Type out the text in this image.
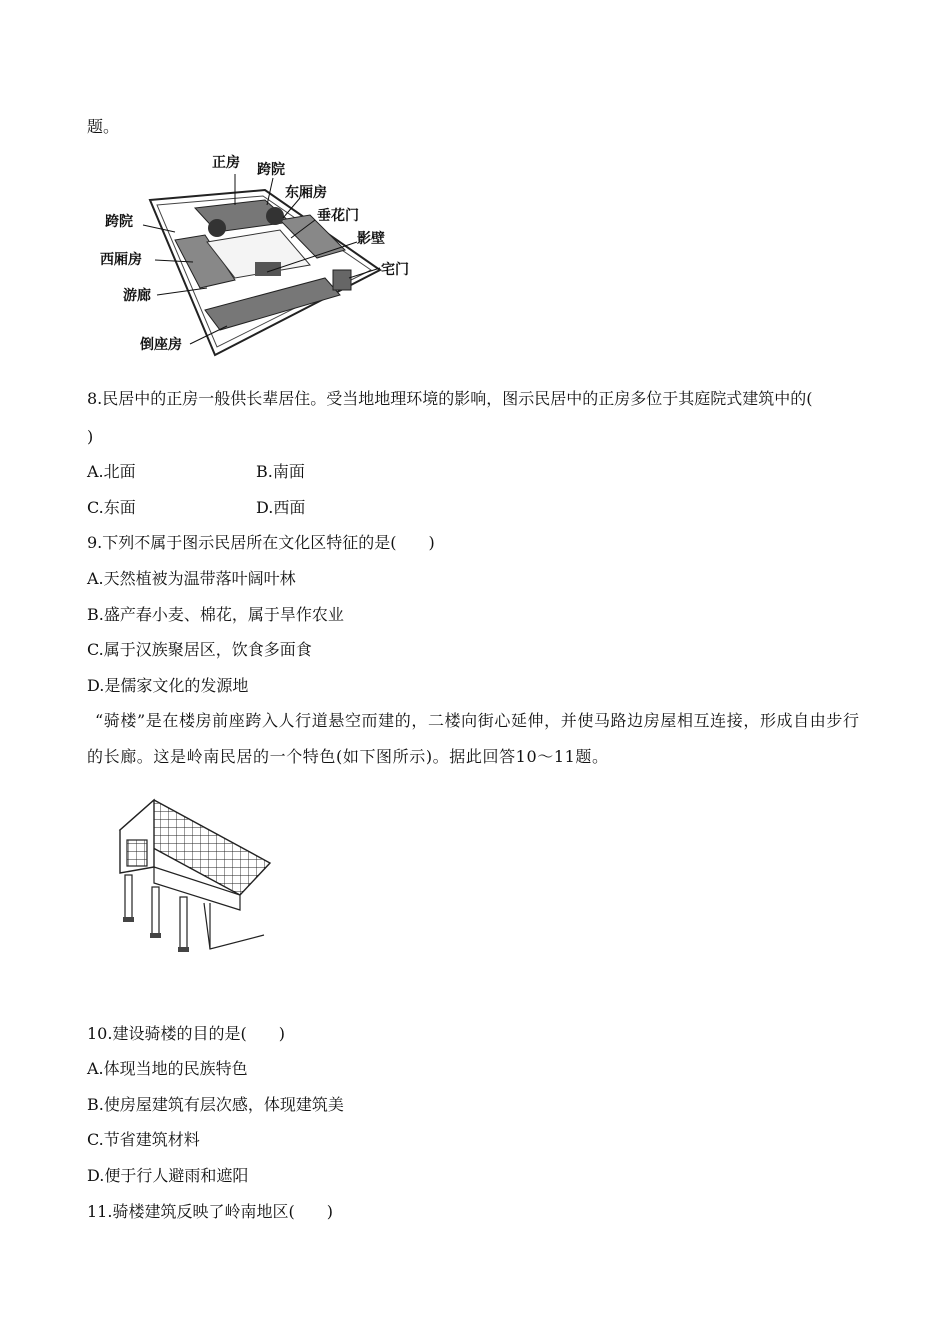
题。
正房 跨院
东厢房
垂花门
跨院
影壁
西厢房
宅门
游廊
倒座房
8.民居中的正房一般供长辈居住。受当地地理环境的影响，图示民居中的正房多位于其庭院式建筑中的(
)
A.北面	B.南面
C.东面	D.西面
9.下列不属于图示民居所在文化区特征的是(　　)
A.天然植被为温带落叶阔叶林
B.盛产春小麦、棉花，属于旱作农业
C.属于汉族聚居区，饮食多面食
D.是儒家文化的发源地
“骑楼”是在楼房前座跨入人行道悬空而建的，二楼向街心延伸，并使马路边房屋相互连接，形成自由步行的长廊。这是岭南民居的一个特色(如下图所示)。据此回答10～11题。
10.建设骑楼的目的是(　　)
A.体现当地的民族特色
B.使房屋建筑有层次感，体现建筑美
C.节省建筑材料
D.便于行人避雨和遮阳
11.骑楼建筑反映了岭南地区(　　)
